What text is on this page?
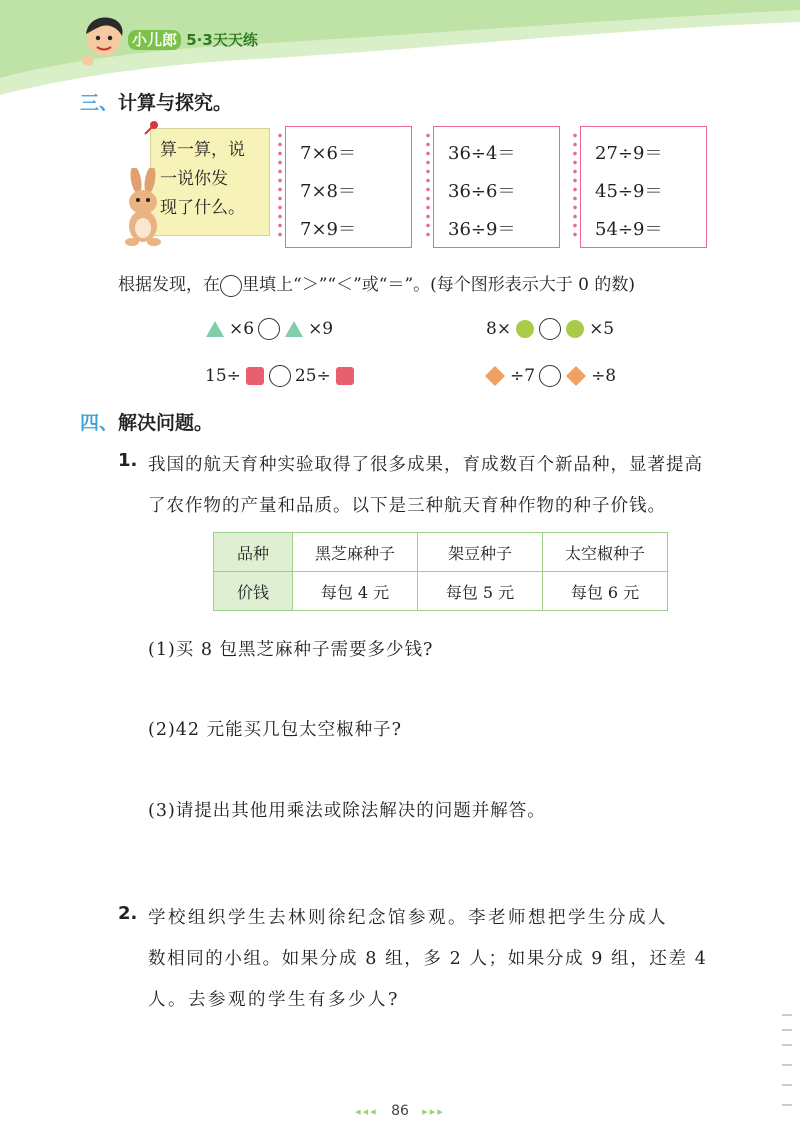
小儿郎 5·3天天练
三、计算与探究。
算一算，说
一说你发
现了什么。
7×6＝
7×8＝
7×9＝
36÷4＝
36÷6＝
36÷9＝
27÷9＝
45÷9＝
54÷9＝
根据发现，在 里填上“＞”“＜”或“＝”。(每个图形表示大于 0 的数)
×6	×9	8×	×5
15÷	25÷	÷7	÷8
四、解决问题。
1. 我国的航天育种实验取得了很多成果，育成数百个新品种，显著提高
了农作物的产量和品质。以下是三种航天育种作物的种子价钱。
品种	黑芝麻种子	架豆种子	太空椒种子
价钱	每包 4 元	每包 5 元	每包 6 元
(1)买 8 包黑芝麻种子需要多少钱?
(2)42 元能买几包太空椒种子?
(3)请提出其他用乘法或除法解决的问题并解答。
2. 学校组织学生去林则徐纪念馆参观。李老师想把学生分成人
数相同的小组。如果分成 8 组，多 2 人；如果分成 9 组，还差 4
人。去参观的学生有多少人?
◂◂◂ 86 ▸▸▸
